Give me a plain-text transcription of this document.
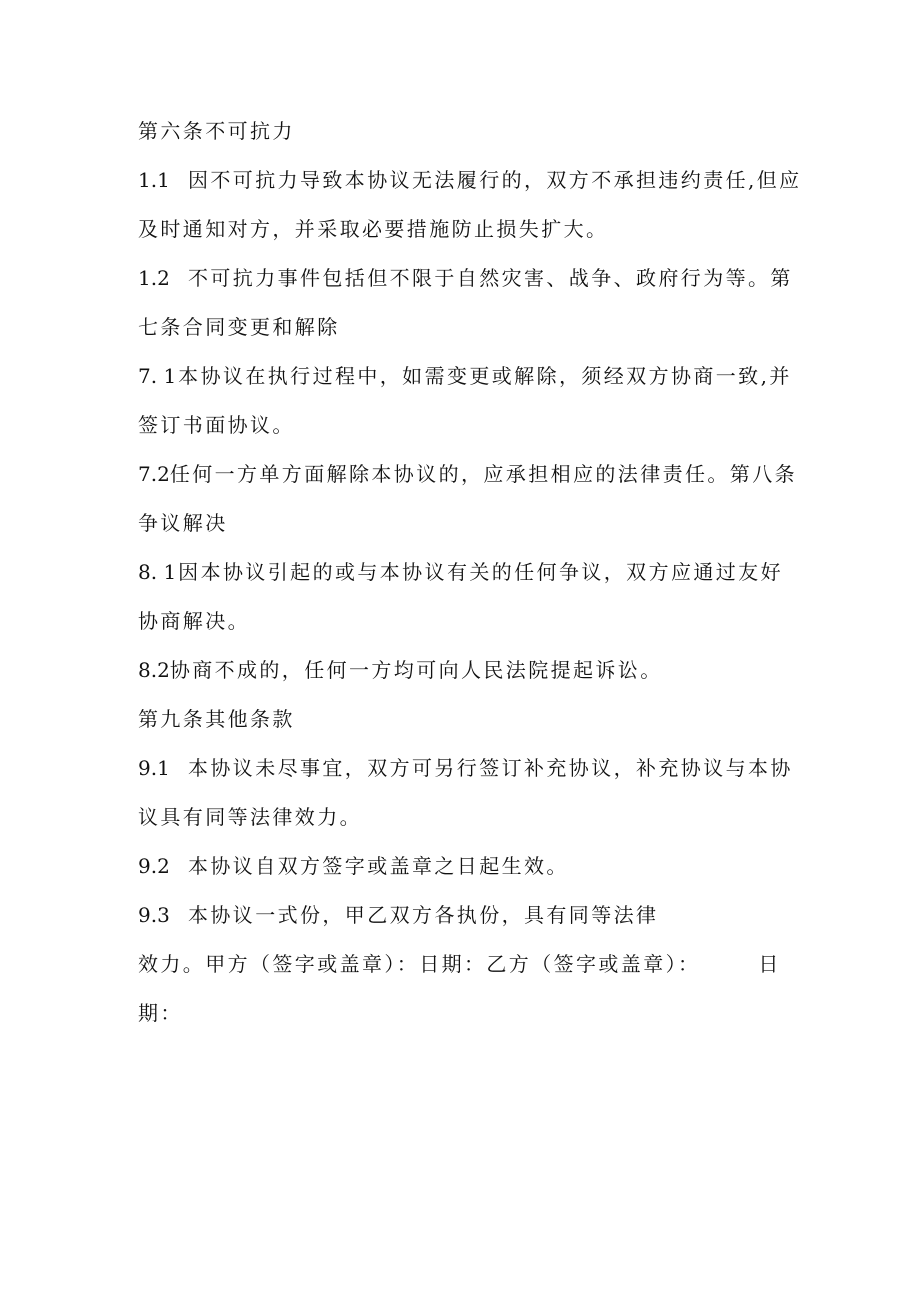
第六条不可抗力
1.1 因不可抗力导致本协议无法履行的，双方不承担违约责任,但应
及时通知对方，并采取必要措施防止损失扩大。
1.2 不可抗力事件包括但不限于自然灾害、战争、政府行为等。第
七条合同变更和解除
7. 1 本协议在执行过程中，如需变更或解除，须经双方协商一致,并
签订书面协议。
7.2任何一方单方面解除本协议的，应承担相应的法律责任。第八条
争议解决
8. 1 因本协议引起的或与本协议有关的任何争议，双方应通过友好
协商解决。
8.2协商不成的，任何一方均可向人民法院提起诉讼。
第九条其他条款
9.1 本协议未尽事宜，双方可另行签订补充协议，补充协议与本协
议具有同等法律效力。
9.2 本协议自双方签字或盖章之日起生效。
9.3 本协议一式份，甲乙双方各执份，具有同等法律
效力。甲方（签字或盖章）：日期：乙方（签字或盖章）：	日
期：
